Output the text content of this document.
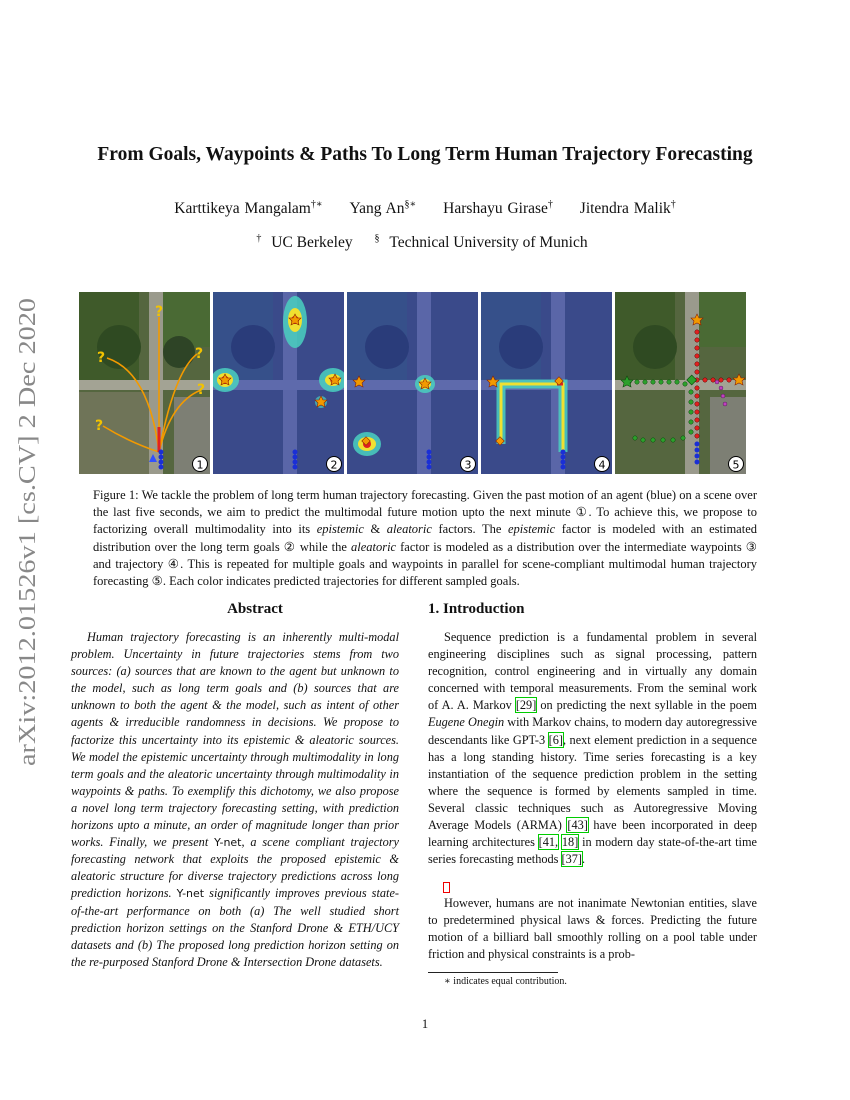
arXiv:2012.01526v1 [cs.CV] 2 Dec 2020
From Goals, Waypoints & Paths To Long Term Human Trajectory Forecasting
Karttikeya Mangalam†∗ Yang An§∗ Harshayu Girase† Jitendra Malik†
† UC Berkeley § Technical University of Munich
?
?	?
?
?
1	2	3	4	5
Figure 1: We tackle the problem of long term human trajectory forecasting. Given the past motion of an agent (blue) on a scene over the last five seconds, we aim to predict the multimodal future motion upto the next minute ①. To achieve this, we propose to factorizing overall multimodality into its epistemic & aleatoric factors. The epistemic factor is modeled with an estimated distribution over the long term goals ② while the aleatoric factor is modeled as a distribution over the intermediate waypoints ③ and trajectory ④. This is repeated for multiple goals and waypoints in parallel for scene-compliant multimodal human trajectory forecasting ⑤. Each color indicates predicted trajectories for different sampled goals.
Abstract
Human trajectory forecasting is an inherently multi-modal problem. Uncertainty in future trajectories stems from two sources: (a) sources that are known to the agent but unknown to the model, such as long term goals and (b) sources that are unknown to both the agent & the model, such as intent of other agents & irreducible randomness in decisions. We propose to factorize this uncertainty into its epistemic & aleatoric sources. We model the epistemic uncertainty through multimodality in long term goals and the aleatoric uncertainty through multimodality in waypoints & paths. To exemplify this dichotomy, we also propose a novel long term trajectory forecasting setting, with prediction horizons upto a minute, an order of magnitude longer than prior works. Finally, we present Y-net, a scene compliant trajectory forecasting network that exploits the proposed epistemic & aleatoric structure for diverse trajectory predictions across long prediction horizons. Y-net significantly improves previous state-of-the-art performance on both (a) The well studied short prediction horizon settings on the Stanford Drone & ETH/UCY datasets and (b) The proposed long prediction horizon setting on the re-purposed Stanford Drone & Intersection Drone datasets.
1. Introduction
Sequence prediction is a fundamental problem in several engineering disciplines such as signal processing, pattern recognition, control engineering and in virtually any domain concerned with temporal measurements. From the seminal work of A. A. Markov [29] on predicting the next syllable in the poem Eugene Onegin with Markov chains, to modern day autoregressive descendants like GPT-3 [6], next element prediction in a sequence has a long standing history. Time series forecasting is a key instantiation of the sequence prediction problem in the setting where the sequence is formed by elements sampled in time. Several classic techniques such as Autoregressive Moving Average Models (ARMA) [43] have been incorporated in deep learning architectures [41, 18] in modern day state-of-the-art time series forecasting methods [37].
However, humans are not inanimate Newtonian entities, slave to predetermined physical laws & forces. Predicting the future motion of a billiard ball smoothly rolling on a pool table under friction and physical constraints is a prob-
∗ indicates equal contribution.
1
